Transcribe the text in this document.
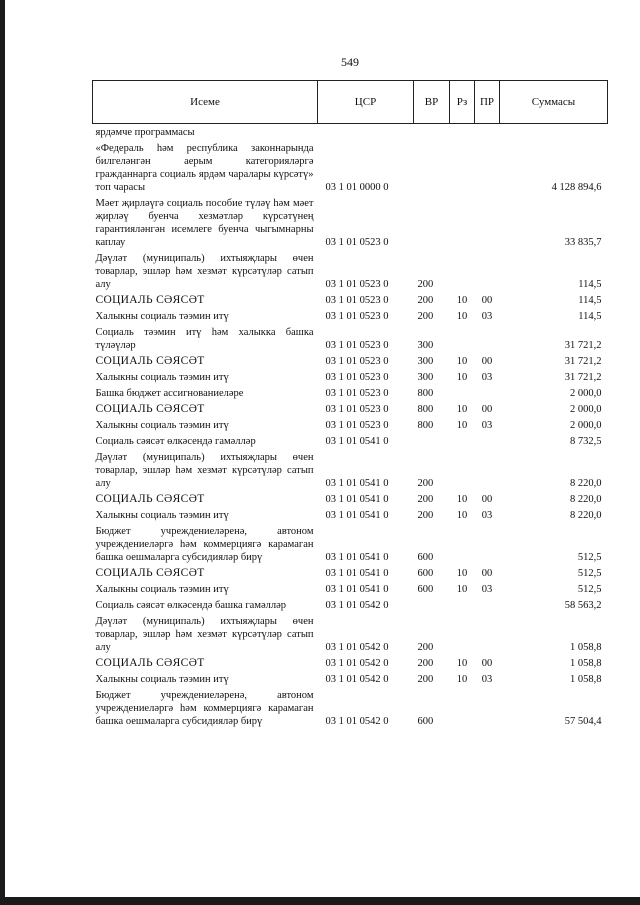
549
Исеме	ЦСР	ВР	Рз	ПР	Суммасы
ярдәмче программасы					
«Федераль һәм республика законнарында билгеләнгән аерым категорияләргә гражданнарга социаль ярдәм чаралары күрсәтү» топ чарасы	03 1 01 0000 0				4 128 894,6
Мәет җирләүгә социаль пособие түләү һәм мәет җирләү буенча хезмәтләр күрсәтүнең гарантияләнгән исемлеге буенча чыгымнарны каплау	03 1 01 0523 0				33 835,7
Дәүләт (муниципаль) ихтыяҗлары өчен товарлар, эшләр һәм хезмәт күрсәтүләр сатып алу	03 1 01 0523 0	200			114,5
СОЦИАЛЬ СӘЯСӘТ	03 1 01 0523 0	200	10	00	114,5
Халыкны социаль тәэмин итү	03 1 01 0523 0	200	10	03	114,5
Социаль тәэмин итү һәм халыкка башка түләүләр	03 1 01 0523 0	300			31 721,2
СОЦИАЛЬ СӘЯСӘТ	03 1 01 0523 0	300	10	00	31 721,2
Халыкны социаль тәэмин итү	03 1 01 0523 0	300	10	03	31 721,2
Башка бюджет ассигнованиеләре	03 1 01 0523 0	800			2 000,0
СОЦИАЛЬ СӘЯСӘТ	03 1 01 0523 0	800	10	00	2 000,0
Халыкны социаль тәэмин итү	03 1 01 0523 0	800	10	03	2 000,0
Социаль сәясәт өлкәсендә гамәлләр	03 1 01 0541 0				8 732,5
Дәүләт (муниципаль) ихтыяҗлары өчен товарлар, эшләр һәм хезмәт күрсәтүләр сатып алу	03 1 01 0541 0	200			8 220,0
СОЦИАЛЬ СӘЯСӘТ	03 1 01 0541 0	200	10	00	8 220,0
Халыкны социаль тәэмин итү	03 1 01 0541 0	200	10	03	8 220,0
Бюджет учреждениеләренә, автоном учреждениеләргә һәм коммерциягә карамаган башка оешмаларга субсидияләр бирү	03 1 01 0541 0	600			512,5
СОЦИАЛЬ СӘЯСӘТ	03 1 01 0541 0	600	10	00	512,5
Халыкны социаль тәэмин итү	03 1 01 0541 0	600	10	03	512,5
Социаль сәясәт өлкәсендә башка гамәлләр	03 1 01 0542 0				58 563,2
Дәүләт (муниципаль) ихтыяҗлары өчен товарлар, эшләр һәм хезмәт күрсәтүләр сатып алу	03 1 01 0542 0	200			1 058,8
СОЦИАЛЬ СӘЯСӘТ	03 1 01 0542 0	200	10	00	1 058,8
Халыкны социаль тәэмин итү	03 1 01 0542 0	200	10	03	1 058,8
Бюджет учреждениеләренә, автоном учреждениеләргә һәм коммерциягә карамаган башка оешмаларга субсидияләр бирү	03 1 01 0542 0	600			57 504,4
